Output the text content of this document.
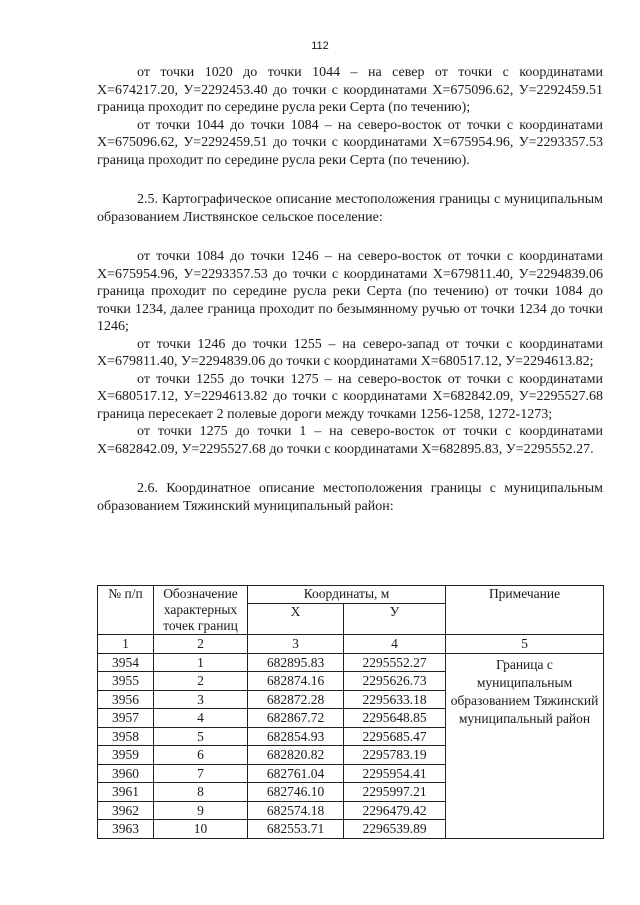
112

от точки 1020 до точки 1044 – на север от точки с координатами Х=674217.20, У=2292453.40 до точки с координатами Х=675096.62, У=2292459.51 граница проходит по середине русла реки Серта (по течению);

от точки 1044 до точки 1084 – на северо-восток от точки с координатами Х=675096.62, У=2292459.51 до точки с координатами Х=675954.96, У=2293357.53 граница проходит по середине русла реки Серта (по течению).

2.5. Картографическое описание местоположения границы с муниципальным образованием Листвянское сельское поселение:

от точки 1084 до точки 1246 – на северо-восток от точки с координатами Х=675954.96, У=2293357.53 до точки с координатами Х=679811.40, У=2294839.06 граница проходит по середине русла реки Серта (по течению) от точки 1084 до точки 1234, далее граница проходит по безымянному ручью от точки 1234 до точки 1246;

от точки 1246 до точки 1255 – на северо-запад от точки с координатами Х=679811.40, У=2294839.06 до точки с координатами Х=680517.12, У=2294613.82;

от точки 1255 до точки 1275 – на северо-восток от точки с координатами Х=680517.12, У=2294613.82 до точки с координатами Х=682842.09, У=2295527.68 граница пересекает 2 полевые дороги между точками 1256-1258, 1272-1273;

от точки 1275 до точки 1 – на северо-восток от точки с координатами Х=682842.09, У=2295527.68 до точки с координатами Х=682895.83, У=2295552.27.

2.6. Координатное описание местоположения границы с муниципальным образованием Тяжинский муниципальный район:

№ п/п	Обозначение характерных точек границ	Координаты, м		Примечание
		Х	У	
1	2	3	4	5
3954	1	682895.83	2295552.27	Граница с муниципальным образованием Тяжинский муниципальный район
3955	2	682874.16	2295626.73	
3956	3	682872.28	2295633.18	
3957	4	682867.72	2295648.85	
3958	5	682854.93	2295685.47	
3959	6	682820.82	2295783.19	
3960	7	682761.04	2295954.41	
3961	8	682746.10	2295997.21	
3962	9	682574.18	2296479.42	
3963	10	682553.71	2296539.89	
